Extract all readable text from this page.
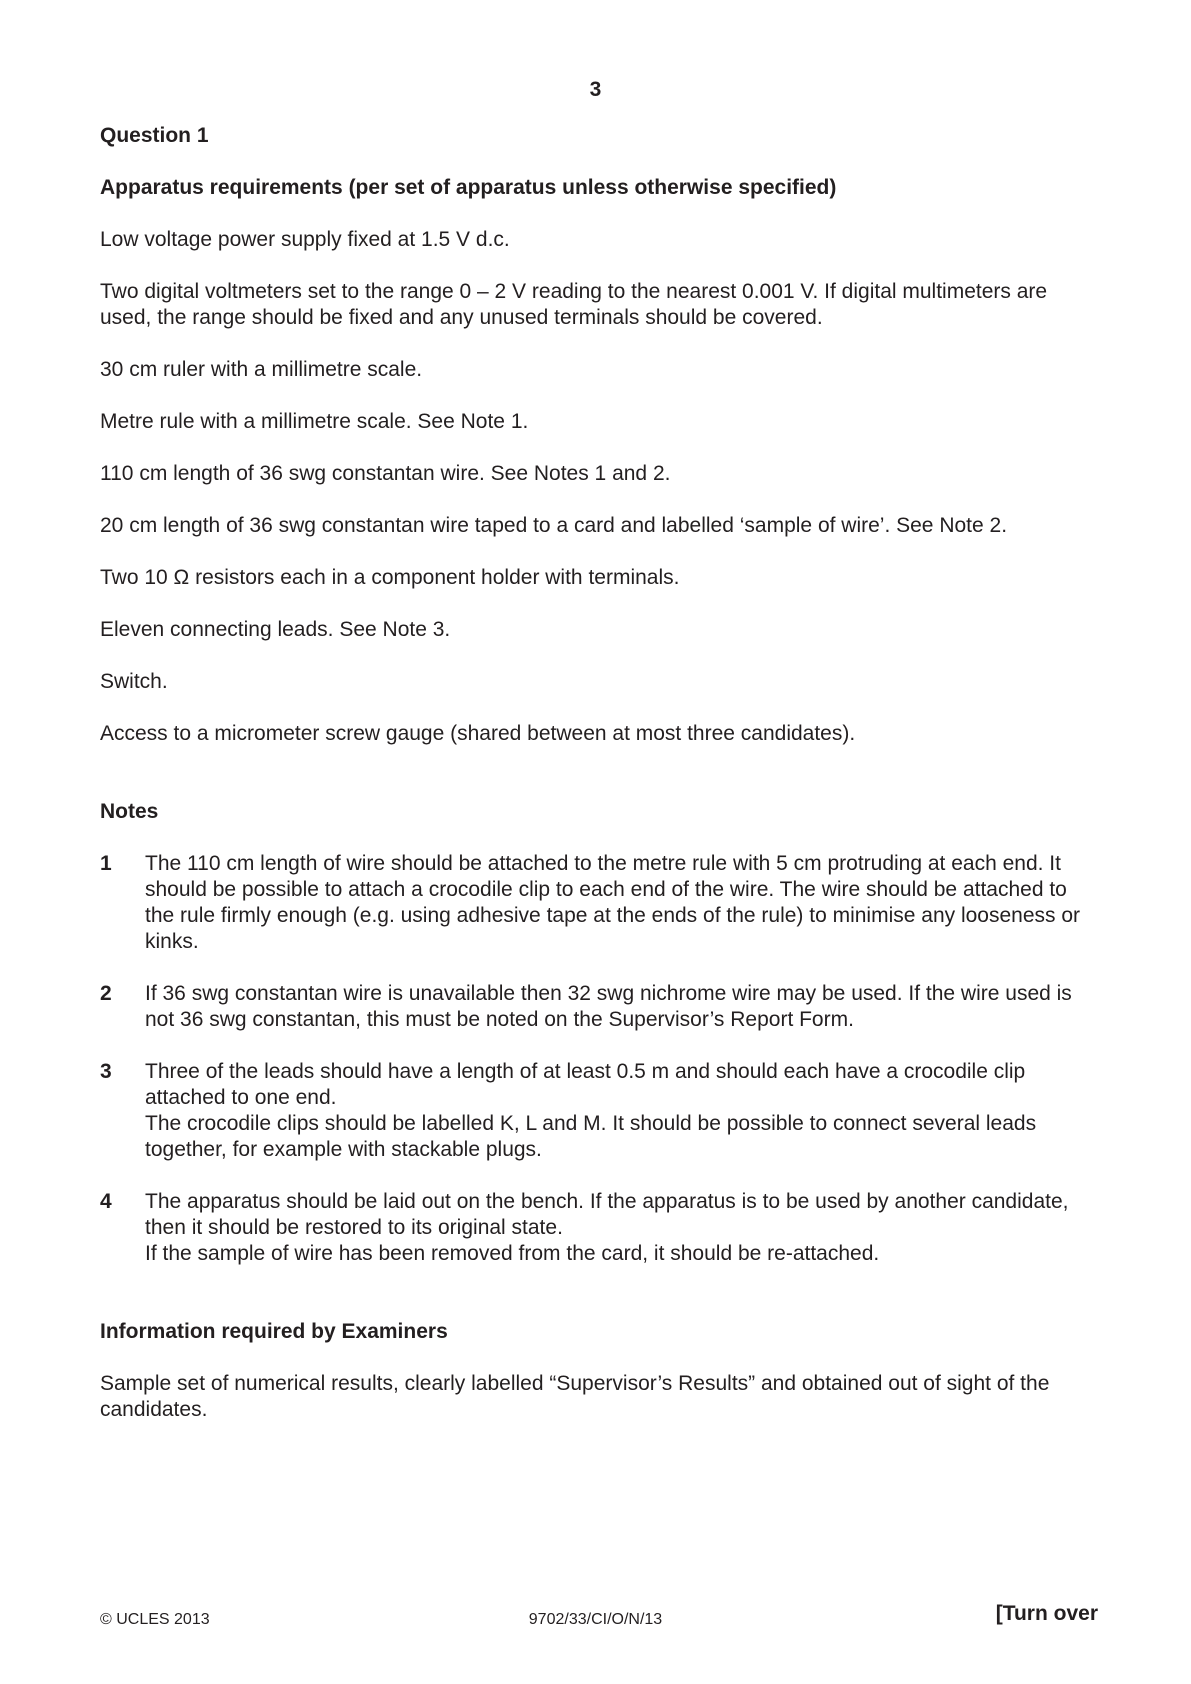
3
Question 1
Apparatus requirements (per set of apparatus unless otherwise specified)
Low voltage power supply fixed at 1.5 V d.c.
Two digital voltmeters set to the range 0 – 2 V reading to the nearest 0.001 V. If digital multimeters are used, the range should be fixed and any unused terminals should be covered.
30 cm ruler with a millimetre scale.
Metre rule with a millimetre scale. See Note 1.
110 cm length of 36 swg constantan wire. See Notes 1 and 2.
20 cm length of 36 swg constantan wire taped to a card and labelled ‘sample of wire’. See Note 2.
Two 10 Ω resistors each in a component holder with terminals.
Eleven connecting leads. See Note 3.
Switch.
Access to a micrometer screw gauge (shared between at most three candidates).
Notes
1	The 110 cm length of wire should be attached to the metre rule with 5 cm protruding at each end. It should be possible to attach a crocodile clip to each end of the wire. The wire should be attached to the rule firmly enough (e.g. using adhesive tape at the ends of the rule) to minimise any looseness or kinks.
2	If 36 swg constantan wire is unavailable then 32 swg nichrome wire may be used. If the wire used is not 36 swg constantan, this must be noted on the Supervisor’s Report Form.
3	Three of the leads should have a length of at least 0.5 m and should each have a crocodile clip attached to one end.
The crocodile clips should be labelled K, L and M. It should be possible to connect several leads together, for example with stackable plugs.
4	The apparatus should be laid out on the bench. If the apparatus is to be used by another candidate, then it should be restored to its original state.
If the sample of wire has been removed from the card, it should be re-attached.
Information required by Examiners
Sample set of numerical results, clearly labelled “Supervisor’s Results” and obtained out of sight of the candidates.
© UCLES 2013	9702/33/CI/O/N/13	[Turn over
